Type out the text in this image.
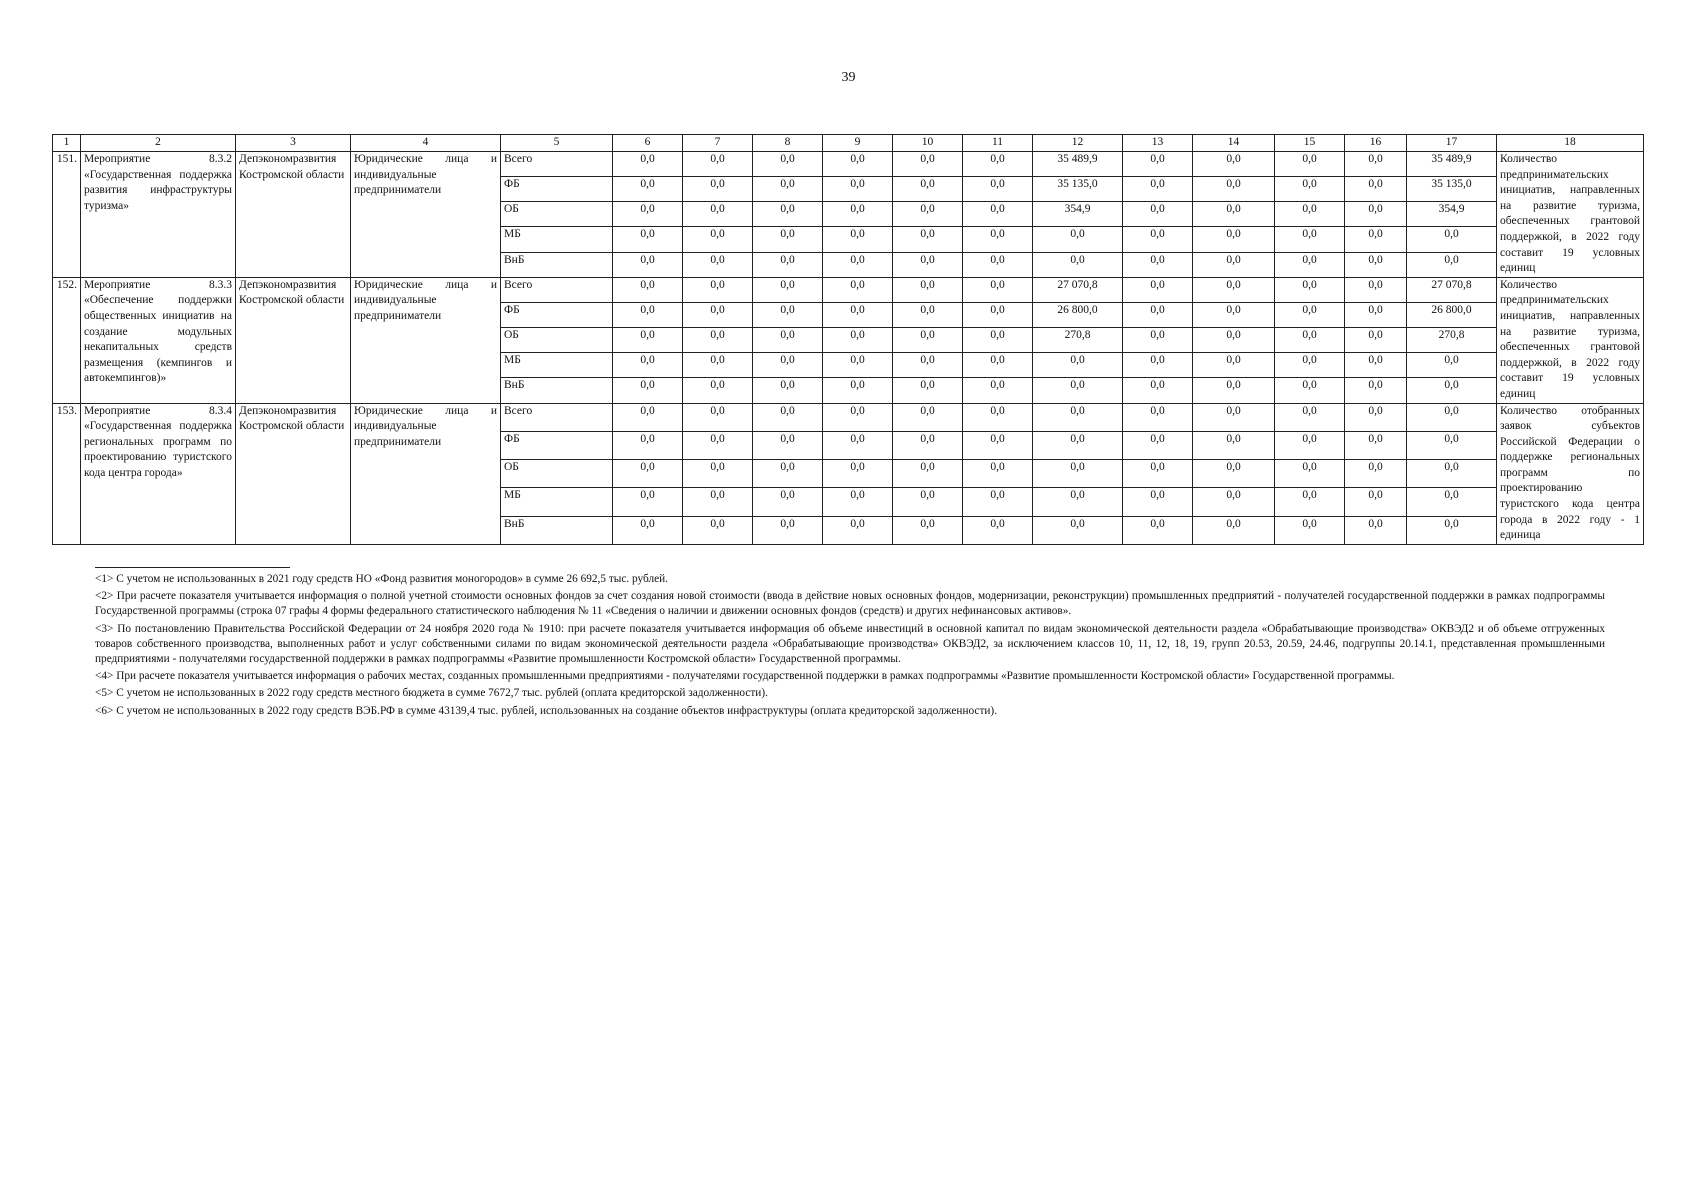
39
1	2	3	4	5	6	7	8	9	10	11	12	13	14	15	16	17	18
151.	Мероприятие 8.3.2 «Государственная поддержка развития инфраструктуры туризма»	Депэкономразвития Костромской области	Юридические лица и индивидуальные предприниматели	Всего	0,0	0,0	0,0	0,0	0,0	0,0	35 489,9	0,0	0,0	0,0	0,0	35 489,9	Количество предпринимательских инициатив, направленных на развитие туризма, обеспеченных грантовой поддержкой, в 2022 году составит 19 условных единиц
				ФБ	0,0	0,0	0,0	0,0	0,0	0,0	35 135,0	0,0	0,0	0,0	0,0	35 135,0	
				ОБ	0,0	0,0	0,0	0,0	0,0	0,0	354,9	0,0	0,0	0,0	0,0	354,9	
				МБ	0,0	0,0	0,0	0,0	0,0	0,0	0,0	0,0	0,0	0,0	0,0	0,0	
				ВнБ	0,0	0,0	0,0	0,0	0,0	0,0	0,0	0,0	0,0	0,0	0,0	0,0	
152.	Мероприятие 8.3.3 «Обеспечение поддержки общественных инициатив на создание модульных некапитальных средств размещения (кемпингов и автокемпингов)»	Депэкономразвития Костромской области	Юридические лица и индивидуальные предприниматели	Всего	0,0	0,0	0,0	0,0	0,0	0,0	27 070,8	0,0	0,0	0,0	0,0	27 070,8	Количество предпринимательских инициатив, направленных на развитие туризма, обеспеченных грантовой поддержкой, в 2022 году составит 19 условных единиц
				ФБ	0,0	0,0	0,0	0,0	0,0	0,0	26 800,0	0,0	0,0	0,0	0,0	26 800,0	
				ОБ	0,0	0,0	0,0	0,0	0,0	0,0	270,8	0,0	0,0	0,0	0,0	270,8	
				МБ	0,0	0,0	0,0	0,0	0,0	0,0	0,0	0,0	0,0	0,0	0,0	0,0	
				ВнБ	0,0	0,0	0,0	0,0	0,0	0,0	0,0	0,0	0,0	0,0	0,0	0,0	
153.	Мероприятие 8.3.4 «Государственная поддержка региональных программ по проектированию туристского кода центра города»	Депэкономразвития Костромской области	Юридические лица и индивидуальные предприниматели	Всего	0,0	0,0	0,0	0,0	0,0	0,0	0,0	0,0	0,0	0,0	0,0	0,0	Количество отобранных заявок субъектов Российской Федерации о поддержке региональных программ по проектированию туристского кода центра города в 2022 году - 1 единица
				ФБ	0,0	0,0	0,0	0,0	0,0	0,0	0,0	0,0	0,0	0,0	0,0	0,0	
				ОБ	0,0	0,0	0,0	0,0	0,0	0,0	0,0	0,0	0,0	0,0	0,0	0,0	
				МБ	0,0	0,0	0,0	0,0	0,0	0,0	0,0	0,0	0,0	0,0	0,0	0,0	
				ВнБ	0,0	0,0	0,0	0,0	0,0	0,0	0,0	0,0	0,0	0,0	0,0	0,0	

<1> С учетом не использованных в 2021 году средств НО «Фонд развития моногородов» в сумме 26 692,5 тыс. рублей.

<2> При расчете показателя учитывается информация о полной учетной стоимости основных фондов за счет создания новой стоимости (ввода в действие новых основных фондов, модернизации, реконструкции) промышленных предприятий - получателей государственной поддержки в рамках подпрограммы Государственной программы (строка 07 графы 4 формы федерального статистического наблюдения № 11 «Сведения о наличии и движении основных фондов (средств) и других нефинансовых активов».

<3> По постановлению Правительства Российской Федерации от 24 ноября 2020 года № 1910: при расчете показателя учитывается информация об объеме инвестиций в основной капитал по видам экономической деятельности раздела «Обрабатывающие производства» ОКВЭД2 и об объеме отгруженных товаров собственного производства, выполненных работ и услуг собственными силами по видам экономической деятельности раздела «Обрабатывающие производства» ОКВЭД2, за исключением классов 10, 11, 12, 18, 19, групп 20.53, 20.59, 24.46, подгруппы 20.14.1, представленная промышленными предприятиями - получателями государственной поддержки в рамках подпрограммы «Развитие промышленности Костромской области» Государственной программы.

<4> При расчете показателя учитывается информация о рабочих местах, созданных промышленными предприятиями - получателями государственной поддержки в рамках подпрограммы «Развитие промышленности Костромской области» Государственной программы.

<5> С учетом не использованных в 2022 году средств местного бюджета в сумме 7672,7 тыс. рублей (оплата кредиторской задолженности).

<6> С учетом не использованных в 2022 году средств ВЭБ.РФ в сумме 43139,4 тыс. рублей, использованных на создание объектов инфраструктуры (оплата кредиторской задолженности).
